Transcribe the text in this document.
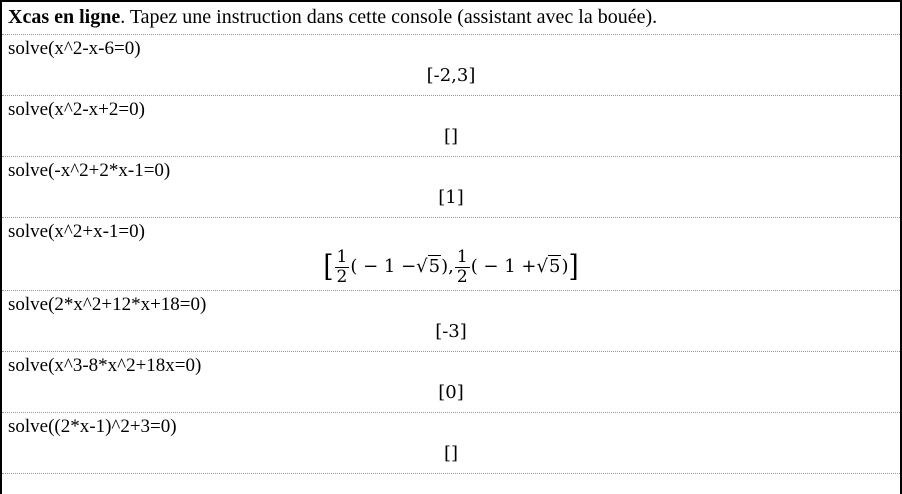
Xcas en ligne. Tapez une instruction dans cette console (assistant avec la bouée).
solve(x^2-x-6=0)
[-2,3]
solve(x^2-x+2=0)
[]
solve(-x^2+2*x-1=0)
[1]
solve(x^2+x-1=0)
[ $\frac{1}{2}$ ( − 1 −√5), $\frac{1}{2}$ ( − 1 +√5)]
solve(2*x^2+12*x+18=0)
[-3]
solve(x^3-8*x^2+18x=0)
[0]
solve((2*x-1)^2+3=0)
[]
